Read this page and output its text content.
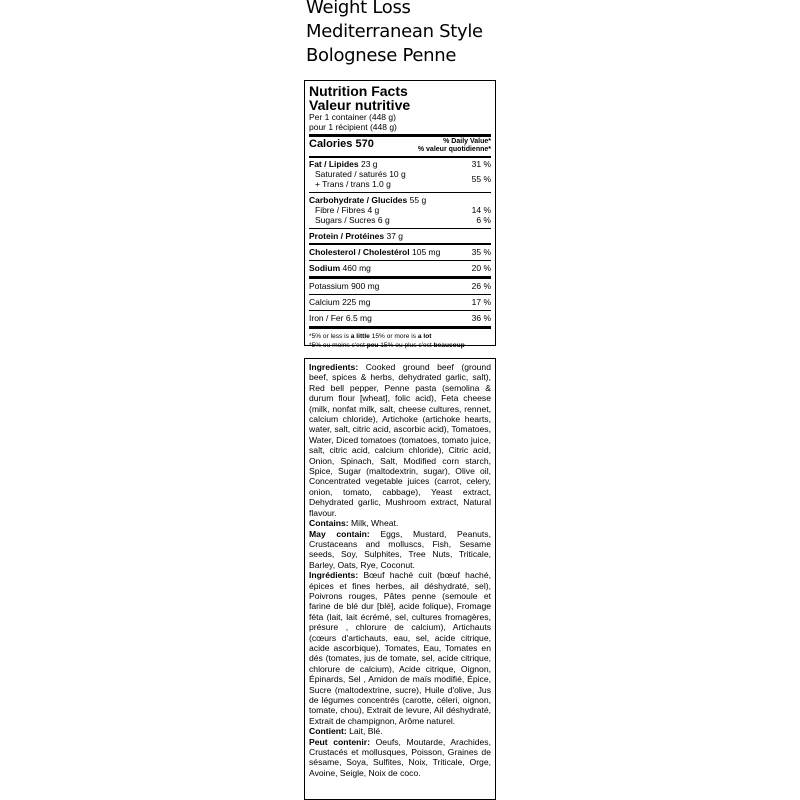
Weight Loss
Mediterranean Style
Bolognese Penne
Nutrition Facts
Valeur nutritive
Per 1 container (448 g)
pour 1 récipient (448 g)
Calories 570	% Daily Value*
% valeur quotidienne*
Fat / Lipides 23 g	31 %
Saturated / saturés 10 g
+ Trans / trans 1.0 g	55 %
Carbohydrate / Glucides 55 g
Fibre / Fibres 4 g	14 %
Sugars / Sucres 6 g	6 %
Protein / Protéines 37 g
Cholesterol / Cholestérol 105 mg	35 %
Sodium 460 mg	20 %
Potassium 900 mg	26 %
Calcium 225 mg	17 %
Iron / Fer 6.5 mg	36 %
*5% or less is a little 15% or more is a lot
*5% ou moins c'est peu 15% ou plus c'est beaucoup

Ingredients: Cooked ground beef (ground beef, spices & herbs, dehydrated garlic, salt), Red bell pepper, Penne pasta (semolina & durum flour [wheat], folic acid), Feta cheese (milk, nonfat milk, salt, cheese cultures, rennet, calcium chloride), Artichoke (artichoke hearts, water, salt, citric acid, ascorbic acid), Tomatoes, Water, Diced tomatoes (tomatoes, tomato juice, salt, citric acid, calcium chloride), Citric acid, Onion, Spinach, Salt, Modified corn starch, Spice, Sugar (maltodextrin, sugar), Olive oil, Concentrated vegetable juices (carrot, celery, onion, tomato, cabbage), Yeast extract, Dehydrated garlic, Mushroom extract, Natural flavour.

Contains: Milk, Wheat.

May contain: Eggs, Mustard, Peanuts, Crustaceans and molluscs, Fish, Sesame seeds, Soy, Sulphites, Tree Nuts, Triticale, Barley, Oats, Rye, Coconut.

Ingrédients: Bœuf haché cuit (bœuf haché, épices et fines herbes, ail déshydraté, sel), Poivrons rouges, Pâtes penne (semoule et farine de blé dur [blé], acide folique), Fromage féta (lait, lait écrémé, sel, cultures fromagères, présure , chlorure de calcium), Artichauts (cœurs d'artichauts, eau, sel, acide citrique, acide ascorbique), Tomates, Eau, Tomates en dés (tomates, jus de tomate, sel, acide citrique, chlorure de calcium), Acide citrique, Oignon, Épinards, Sel , Amidon de maïs modifié, Épice, Sucre (maltodextrine, sucre), Huile d'olive, Jus de légumes concentrés (carotte, céleri, oignon, tomate, chou), Extrait de levure, Ail déshydraté, Extrait de champignon, Arôme naturel.

Contient: Lait, Blé.

Peut contenir: Oeufs, Moutarde, Arachides, Crustacés et mollusques, Poisson, Graines de sésame, Soya, Sulfites, Noix, Triticale, Orge, Avoine, Seigle, Noix de coco.
